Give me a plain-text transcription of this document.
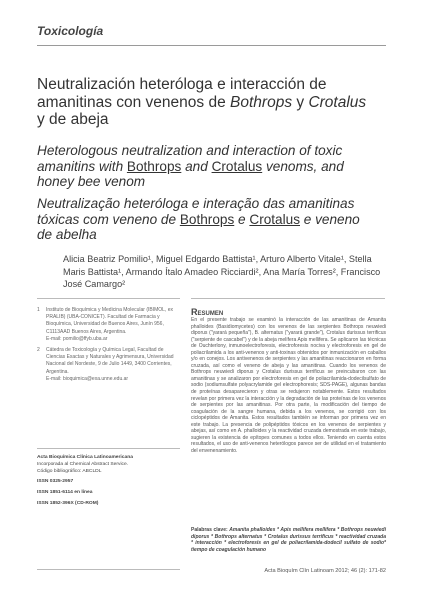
Toxicología
Neutralización heteróloga e interacción de amanitinas con venenos de Bothrops y Crotalus y de abeja
Heterologous neutralization and interaction of toxic amanitins with Bothrops and Crotalus venoms, and honey bee venom
Neutralização heteróloga e interação das amanitinas tóxicas com veneno de Bothrops e Crotalus e veneno de abelha
Alicia Beatriz Pomilio¹, Miguel Edgardo Battista¹, Arturo Alberto Vitale¹, Stella Maris Battista¹, Armando Ítalo Amadeo Ricciardi², Ana María Torres², Francisco José Camargo²

1 Instituto de Bioquímica y Medicina Molecular (IBIMOL, ex PRALIB) (UBA-CONICET). Facultad de Farmacia y Bioquímica, Universidad de Buenos Aires, Junín 956, C1113AAD Buenos Aires, Argentina.
E-mail: pomilio@ffyb.uba.ar

2 Cátedra de Toxicología y Química Legal, Facultad de Ciencias Exactas y Naturales y Agrimensura, Universidad Nacional del Nordeste, 9 de Julio 1449, 3400 Corrientes, Argentina.
E-mail: bioquimica@exa.unne.edu.ar

Acta Bioquímica Clínica Latinoamericana
Incorporada al Chemical Abstract Service.
Código bibliográfico: ABCLDL
ISSN 0325-2957
ISSN 1851-6114 en línea
ISSN 1852-396X (CD-ROM)
Resumen

En el presente trabajo se examinó la interacción de las amanitinas de Amanita phalloides (Basidiomycetes) con los venenos de las serpientes Bothrops neuwiedi diporus ("yarará pequeña"), B. alternatus ("yarará grande"), Crotalus durissus terrificus ("serpiente de cascabel") y de la abeja melífera Apis mellifera. Se aplicaron las técnicas de Ouchterlony, inmunoelectroforesis, electroforesis nociva y electroforesis en gel de poliacrilamida a los anti-venenos y anti-toxinas obtenidos por inmunización en caballos y/o en conejos. Los antivenenos de serpientes y las amanitinas reaccionaron en forma cruzada, así como el veneno de abeja y las amanitinas. Cuando los venenos de Bothrops neuwiedi diporus y Crotalus durissus terrificus se preincubaron con las amanitinas y se analizaron por electroforesis en gel de poliacrilamida-dodecilsulfato de sodio (sodiumsulfate polyacrylamide gel electrophoresis; SDS-PAGE), algunas bandas de proteínas desaparecieron y otras se redujeron notablemente. Estos resultados revelan por primera vez la interacción y la degradación de las proteínas de los venenos de serpientes por las amanitinas. Por otra parte, la modificación del tiempo de coagulación de la sangre humana, debida a los venenos, se corrigió con los ciclopéptidos de Amanita. Estos resultados también se informan por primera vez en este trabajo. La presencia de polipéptidos tóxicos en los venenos de serpientes y abejas, así como en A. phalloides y la reactividad cruzada demostrada en este trabajo, sugieren la existencia de epítopes comunes a todos ellos. Teniendo en cuenta estos resultados, el uso de anti-venenos heterólogos parece ser de utilidad en el tratamiento del envenenamiento.

Palabras clave: Amanita phalloides * Apis mellifera mellifera * Bothrops neuwiedi diporus * Bothrops alternatus * Crotalus durissus terrificus * reactividad cruzada * interacción * electroforesis en gel de poliacrilamida-dodecil sulfato de sodio* tiempo de coagulación humano
Acta Bioquím Clín Latinoam 2012; 46 (2): 171-82
